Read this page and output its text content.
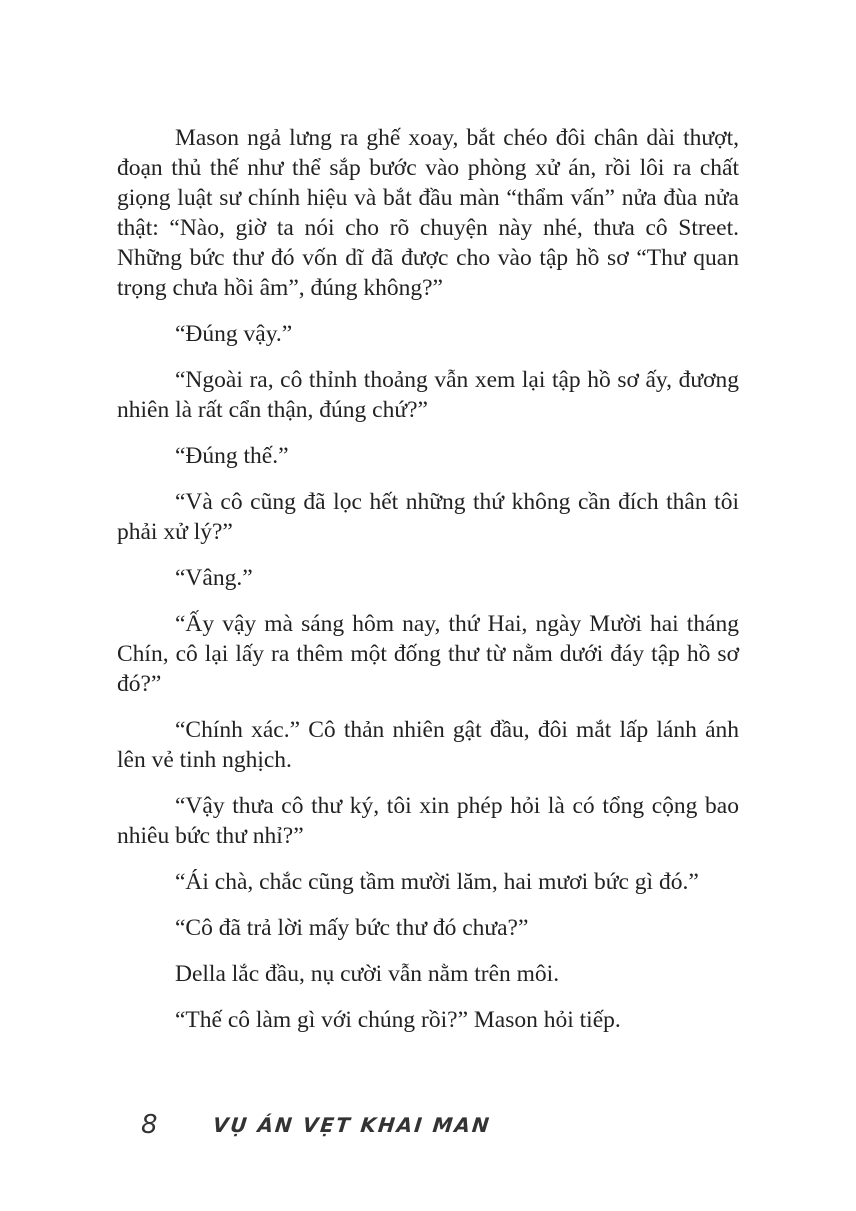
Mason ngả lưng ra ghế xoay, bắt chéo đôi chân dài thượt, đoạn thủ thế như thể sắp bước vào phòng xử án, rồi lôi ra chất giọng luật sư chính hiệu và bắt đầu màn “thẩm vấn” nửa đùa nửa thật: “Nào, giờ ta nói cho rõ chuyện này nhé, thưa cô Street. Những bức thư đó vốn dĩ đã được cho vào tập hồ sơ “Thư quan trọng chưa hồi âm”, đúng không?”

“Đúng vậy.”

“Ngoài ra, cô thỉnh thoảng vẫn xem lại tập hồ sơ ấy, đương nhiên là rất cẩn thận, đúng chứ?”

“Đúng thế.”

“Và cô cũng đã lọc hết những thứ không cần đích thân tôi phải xử lý?”

“Vâng.”

“Ấy vậy mà sáng hôm nay, thứ Hai, ngày Mười hai tháng Chín, cô lại lấy ra thêm một đống thư từ nằm dưới đáy tập hồ sơ đó?”

“Chính xác.” Cô thản nhiên gật đầu, đôi mắt lấp lánh ánh lên vẻ tinh nghịch.

“Vậy thưa cô thư ký, tôi xin phép hỏi là có tổng cộng bao nhiêu bức thư nhỉ?”

“Ái chà, chắc cũng tầm mười lăm, hai mươi bức gì đó.”

“Cô đã trả lời mấy bức thư đó chưa?”

Della lắc đầu, nụ cười vẫn nằm trên môi.

“Thế cô làm gì với chúng rồi?” Mason hỏi tiếp.

8	VỤ ÁN VẸT KHAI MAN
